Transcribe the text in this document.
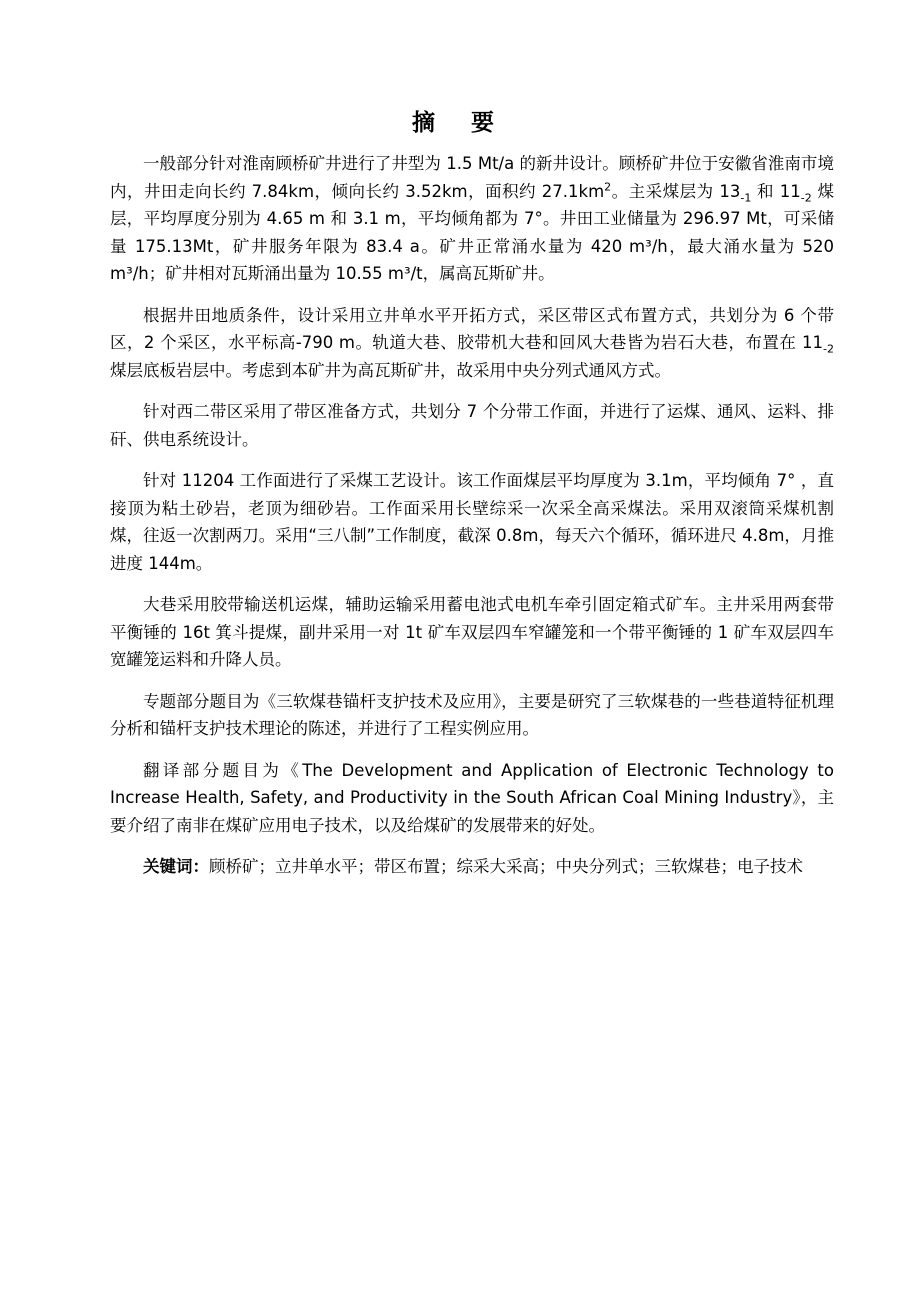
摘 要

一般部分针对淮南顾桥矿井进行了井型为 1.5 Mt/a 的新井设计。顾桥矿井位于安徽省淮南市境内，井田走向长约 7.84km，倾向长约 3.52km，面积约 $27.1km^2$。主采煤层为 $13_{-1}$ 和 $11_{-2}$ 煤层，平均厚度分别为 4.65 m 和 3.1 m，平均倾角都为 7°。井田工业储量为 296.97 Mt，可采储量 175.13Mt，矿井服务年限为 83.4 a。矿井正常涌水量为 420 m³/h，最大涌水量为 520 m³/h；矿井相对瓦斯涌出量为 10.55 m³/t，属高瓦斯矿井。

根据井田地质条件，设计采用立井单水平开拓方式，采区带区式布置方式，共划分为 6 个带区，2 个采区，水平标高-790 m。轨道大巷、胶带机大巷和回风大巷皆为岩石大巷，布置在 $11_{-2}$ 煤层底板岩层中。考虑到本矿井为高瓦斯矿井，故采用中央分列式通风方式。

针对西二带区采用了带区准备方式，共划分 7 个分带工作面，并进行了运煤、通风、运料、排矸、供电系统设计。

针对 11204 工作面进行了采煤工艺设计。该工作面煤层平均厚度为 3.1m，平均倾角 7° ，直接顶为粘土砂岩，老顶为细砂岩。工作面采用长壁综采一次采全高采煤法。采用双滚筒采煤机割煤，往返一次割两刀。采用“三八制”工作制度，截深 0.8m，每天六个循环，循环进尺 4.8m，月推进度 144m。

大巷采用胶带输送机运煤，辅助运输采用蓄电池式电机车牵引固定箱式矿车。主井采用两套带平衡锤的 16t 箕斗提煤，副井采用一对 1t 矿车双层四车窄罐笼和一个带平衡锤的 1 矿车双层四车宽罐笼运料和升降人员。

专题部分题目为《三软煤巷锚杆支护技术及应用》，主要是研究了三软煤巷的一些巷道特征机理分析和锚杆支护技术理论的陈述，并进行了工程实例应用。

翻译部分题目为《The Development and Application of Electronic Technology to Increase Health, Safety, and Productivity in the South African Coal Mining Industry》，主要介绍了南非在煤矿应用电子技术，以及给煤矿的发展带来的好处。

关键词：顾桥矿；立井单水平；带区布置；综采大采高；中央分列式；三软煤巷；电子技术
